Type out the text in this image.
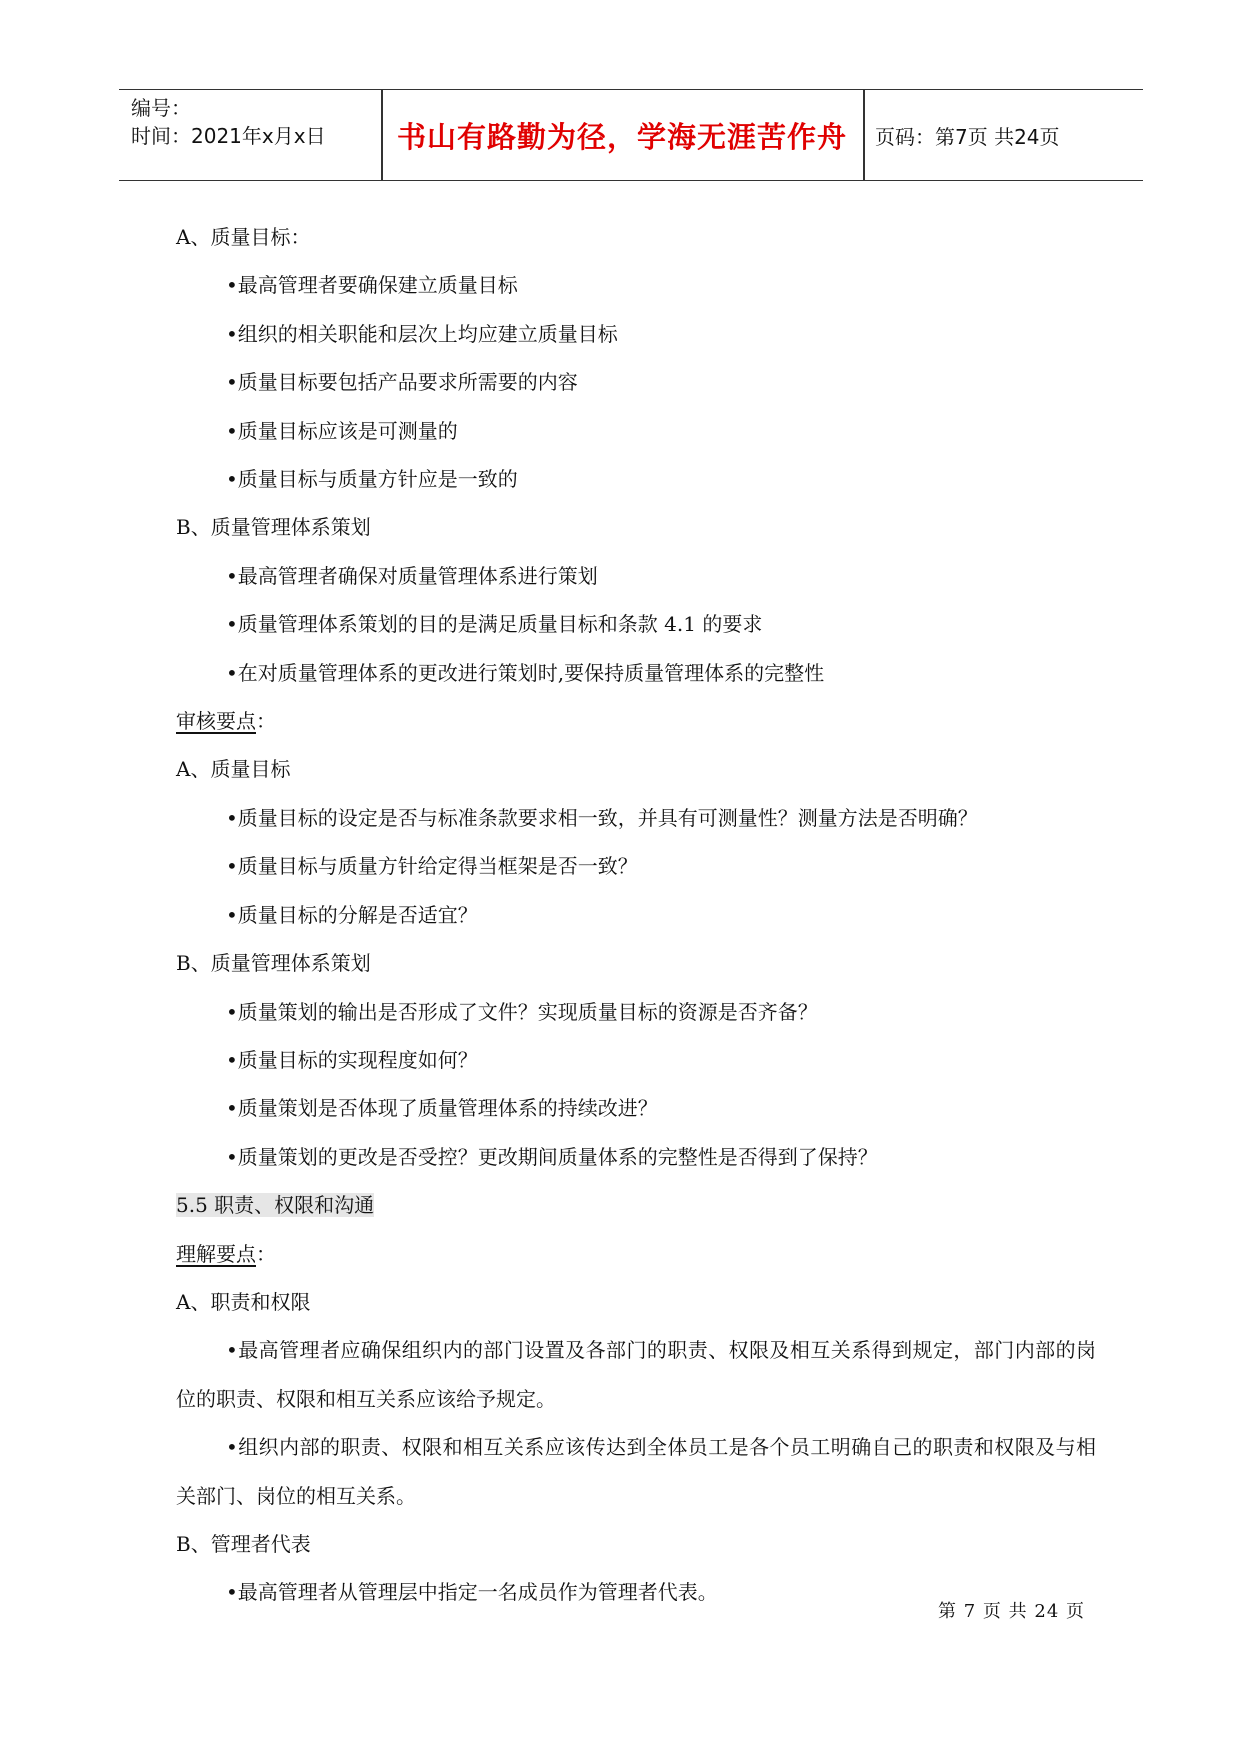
编号：
时间：2021年x月x日	书山有路勤为径，学海无涯苦作舟	页码：第7页 共24页
A、质量目标：
•最高管理者要确保建立质量目标
•组织的相关职能和层次上均应建立质量目标
•质量目标要包括产品要求所需要的内容
•质量目标应该是可测量的
•质量目标与质量方针应是一致的
B、质量管理体系策划
•最高管理者确保对质量管理体系进行策划
•质量管理体系策划的目的是满足质量目标和条款 4.1 的要求
•在对质量管理体系的更改进行策划时,要保持质量管理体系的完整性
审核要点：
A、质量目标
•质量目标的设定是否与标准条款要求相一致，并具有可测量性？测量方法是否明确？
•质量目标与质量方针给定得当框架是否一致？
•质量目标的分解是否适宜？
B、质量管理体系策划
•质量策划的输出是否形成了文件？实现质量目标的资源是否齐备？
•质量目标的实现程度如何？
•质量策划是否体现了质量管理体系的持续改进？
•质量策划的更改是否受控？更改期间质量体系的完整性是否得到了保持？
5.5 职责、权限和沟通
理解要点：
A、职责和权限
•最高管理者应确保组织内的部门设置及各部门的职责、权限及相互关系得到规定，部门内部的岗位的职责、权限和相互关系应该给予规定。
•组织内部的职责、权限和相互关系应该传达到全体员工是各个员工明确自己的职责和权限及与相关部门、岗位的相互关系。
B、管理者代表
•最高管理者从管理层中指定一名成员作为管理者代表。
第 7 页 共 24 页
